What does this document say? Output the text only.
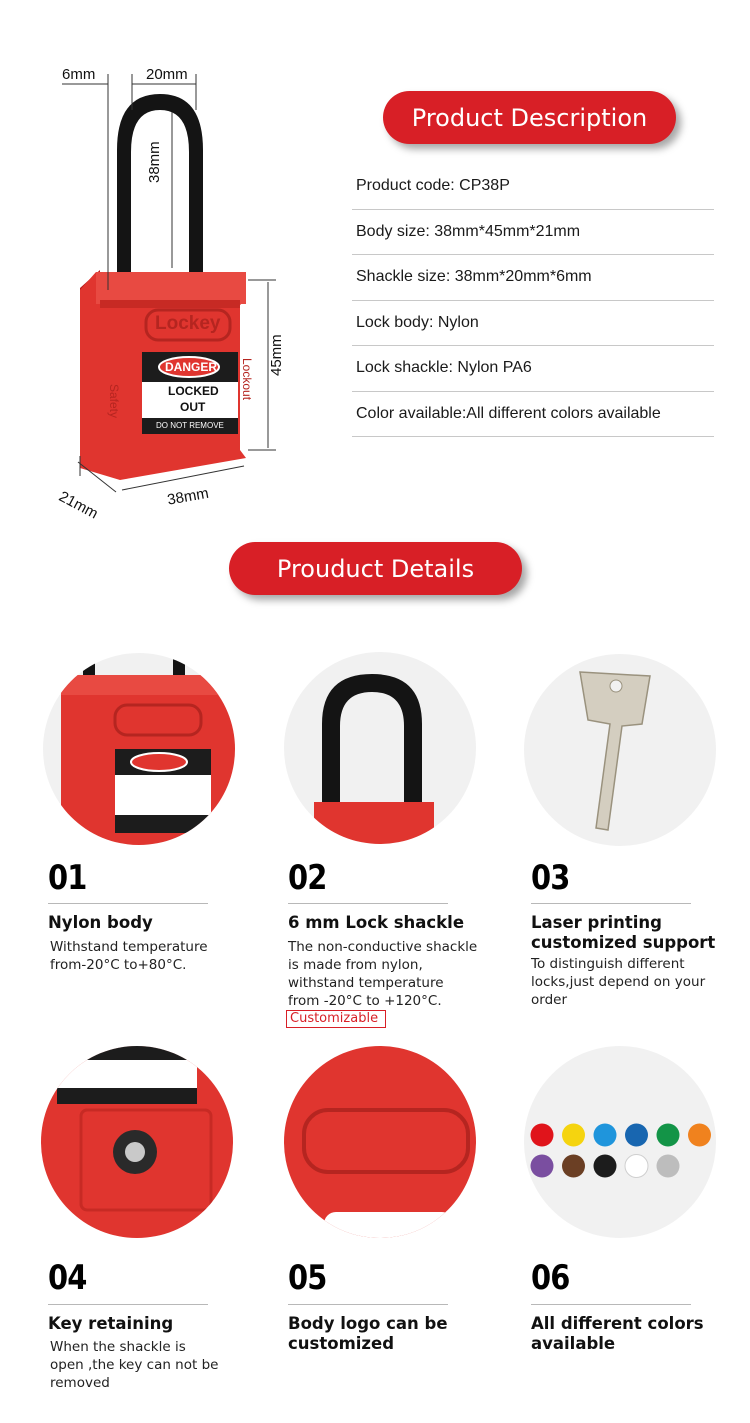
6mm	20mm
38mm
45mm
21mm	38mm
Lockey
DANGER
LOCKED
OUT
DO NOT REMOVE
Safety
Lockout
Product Description
Product code: CP38P
Body size: 38mm*45mm*21mm
Shackle size: 38mm*20mm*6mm
Lock body: Nylon
Lock shackle: Nylon PA6
Color available:All different colors available
Prouduct Details
01	02	03
04	05	06
Nylon body
Withstand temperature
from-20°C to+80°C.
6 mm Lock shackle
The non-conductive shackle
is made from nylon,
withstand temperature
from -20°C to +120°C.
Customizable
Laser printing
customized support
To distinguish different
locks,just depend on your
order
Key retaining
When the shackle is
open ,the key can not be
removed
Body logo can be
customized
All different colors
available
